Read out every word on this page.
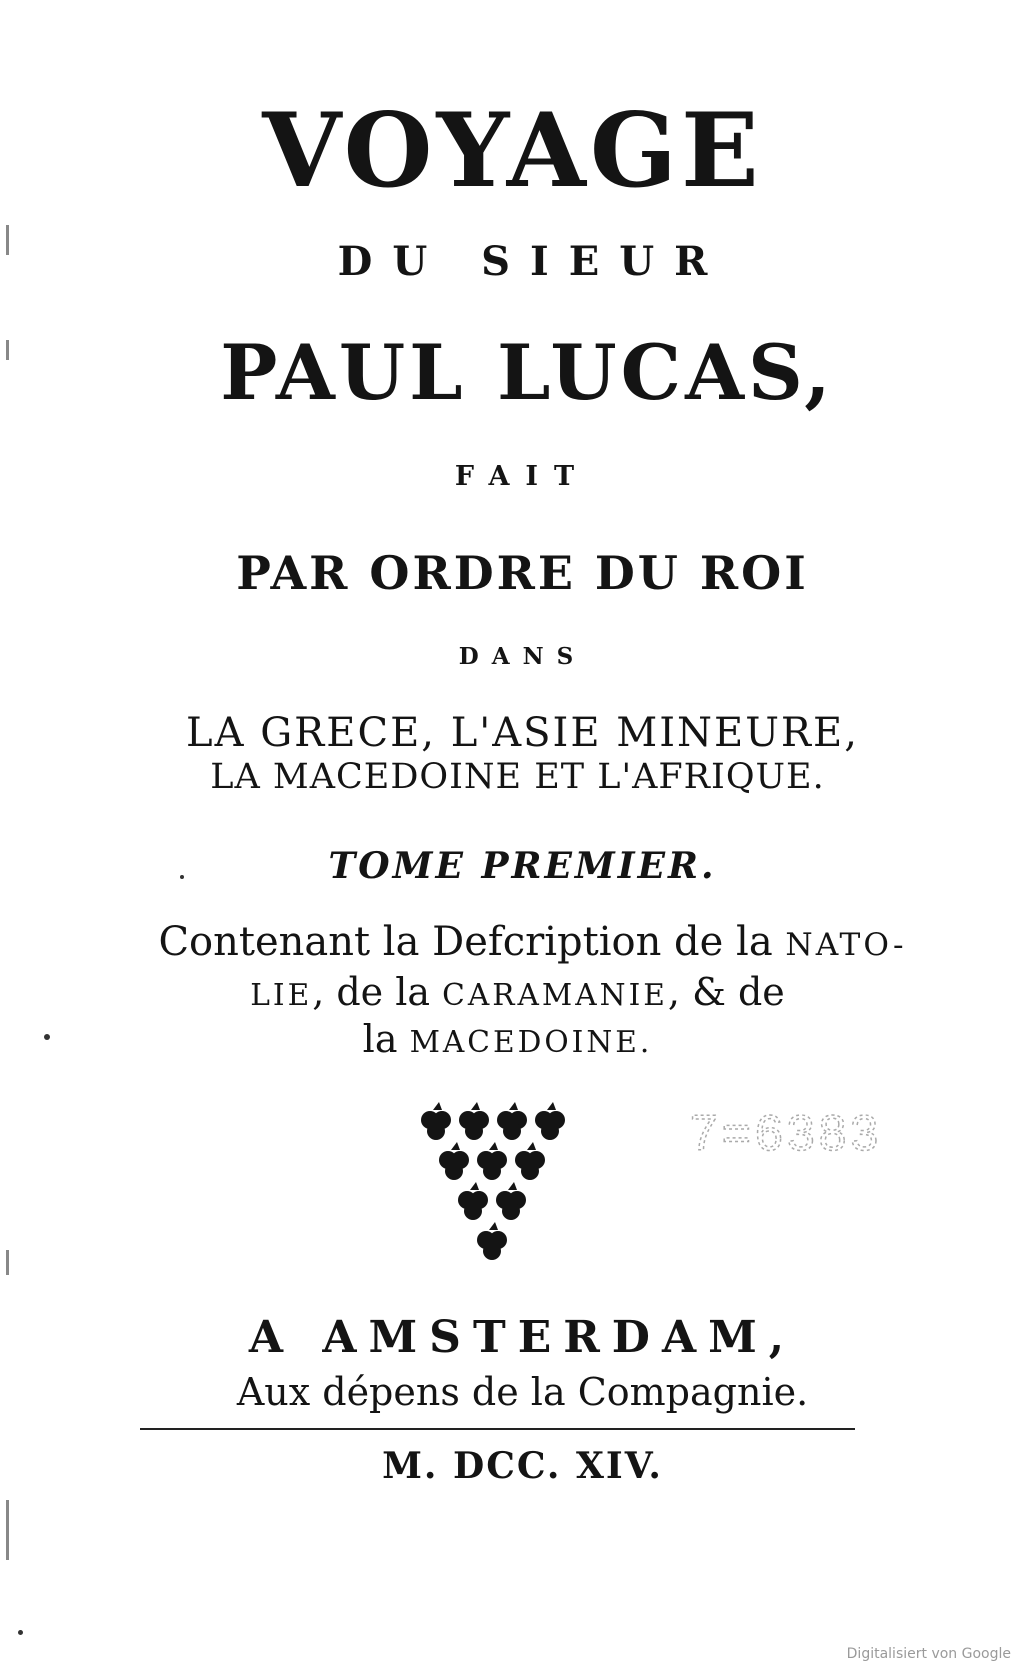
VOYAGE
DU SIEUR
PAUL LUCAS,
FAIT
PAR ORDRE DU ROI
DANS
LA GRECE, L'ASIE MINEURE,
LA MACEDOINE ET L'AFRIQUE.
TOME PREMIER.
Contenant la Defcription de la NATO-
LIE, de la CARAMANIE, & de
la MACEDOINE.
7=6383
A AMSTERDAM,
Aux dépens de la Compagnie.
M. DCC. XIV.
Digitalisiert von Google
